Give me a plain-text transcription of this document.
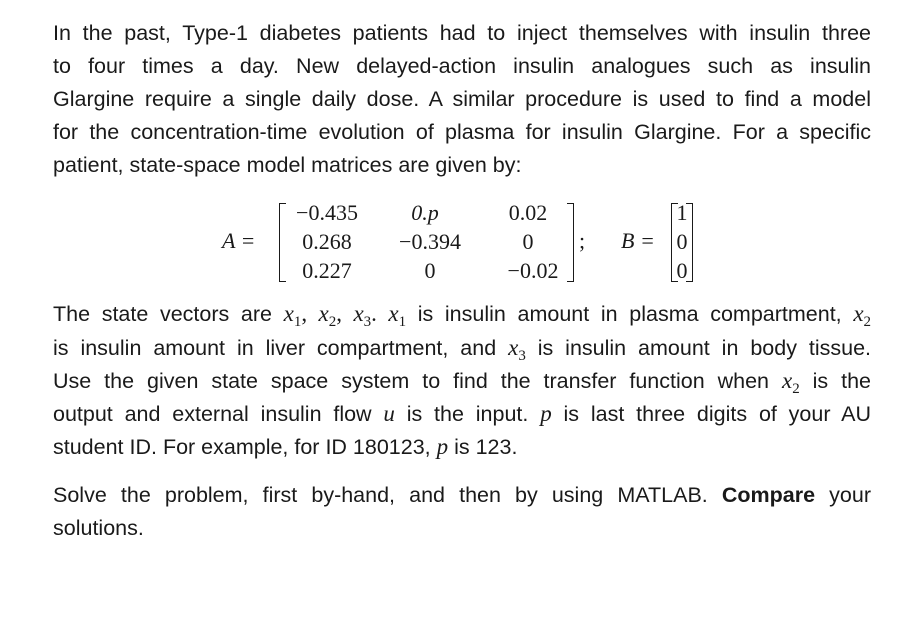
In the past, Type-1 diabetes patients had to inject themselves with insulin three
to four times a day. New delayed-action insulin analogues such as insulin
Glargine require a single daily dose. A similar procedure is used to find a model
for the concentration-time evolution of plasma for insulin Glargine. For a specific
patient, state-space model matrices are given by:
A =
−0.435	0.p	0.02
0.268	−0.394	0
0.227	0	−0.02
; B =
1
0
0
The state vectors are $x_1$, $x_2$, $x_3$. $x_1$ is insulin amount in plasma compartment, $x_2$
is insulin amount in liver compartment, and $x_3$ is insulin amount in body tissue.
Use the given state space system to find the transfer function when $x_2$ is the
output and external insulin flow u is the input. p is last three digits of your AU
student ID. For example, for ID 180123, p is 123.
Solve the problem, first by-hand, and then by using MATLAB. Compare your
solutions.
